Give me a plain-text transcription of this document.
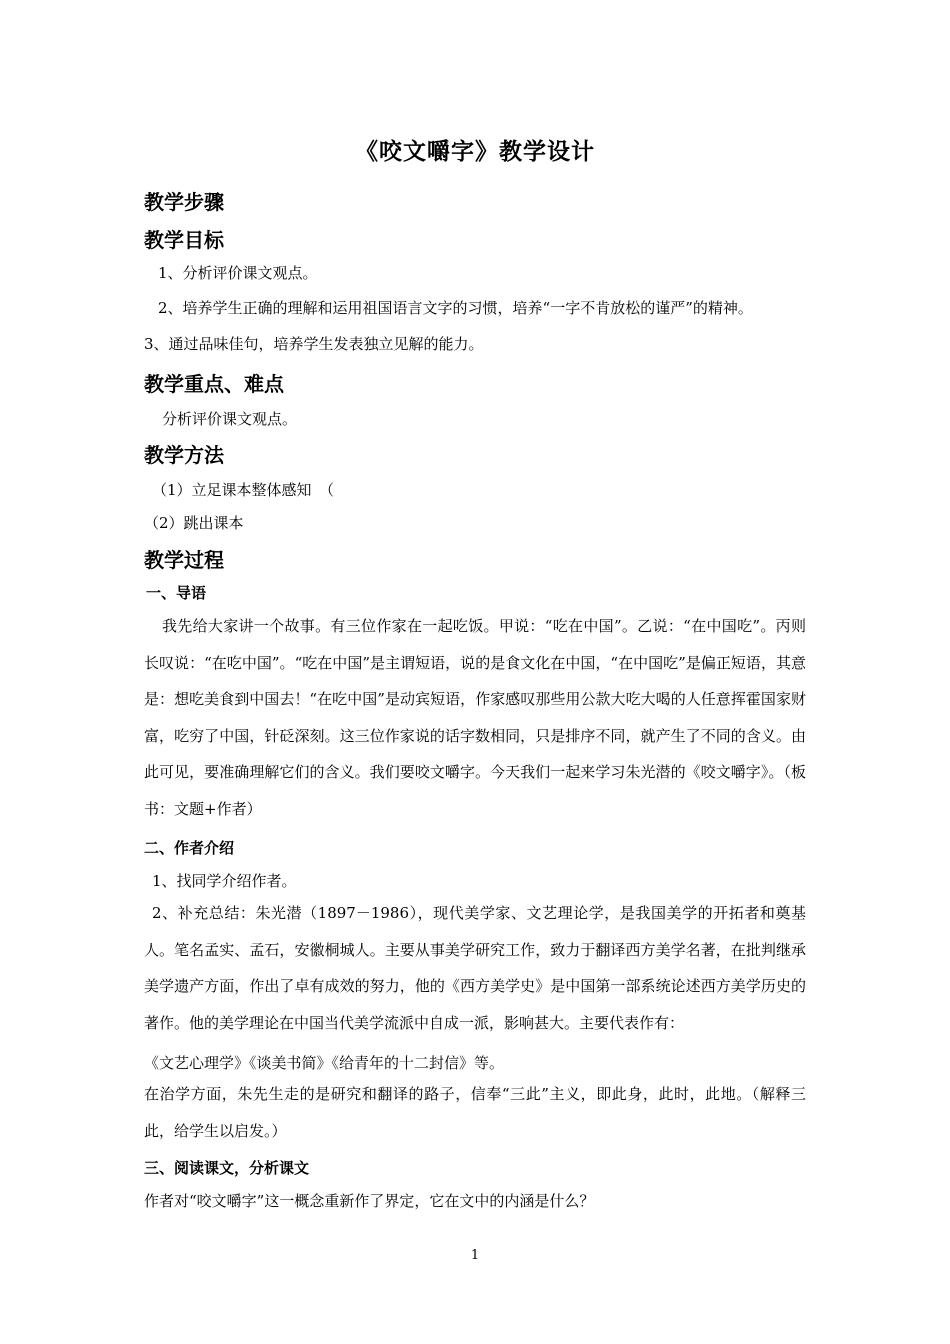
《咬文嚼字》教学设计
教学步骤
教学目标
1、分析评价课文观点。
2、培养学生正确的理解和运用祖国语言文字的习惯，培养“一字不肯放松的谨严”的精神。
3、通过品味佳句，培养学生发表独立见解的能力。
教学重点、难点
分析评价课文观点。
教学方法
（1）立足课本整体感知　（
（2）跳出课本
教学过程
一、导语
我先给大家讲一个故事。有三位作家在一起吃饭。甲说：“吃在中国”。乙说：“在中国吃”。丙则长叹说：“在吃中国”。“吃在中国”是主谓短语，说的是食文化在中国，“在中国吃”是偏正短语，其意是：想吃美食到中国去！“在吃中国”是动宾短语，作家感叹那些用公款大吃大喝的人任意挥霍国家财富，吃穷了中国，针砭深刻。这三位作家说的话字数相同，只是排序不同，就产生了不同的含义。由此可见，要准确理解它们的含义。我们要咬文嚼字。今天我们一起来学习朱光潜的《咬文嚼字》。（板书：文题+作者）
二、作者介绍
1、找同学介绍作者。
2、补充总结：朱光潜（1897－1986），现代美学家、文艺理论学，是我国美学的开拓者和奠基人。笔名孟实、孟石，安徽桐城人。主要从事美学研究工作，致力于翻译西方美学名著，在批判继承美学遗产方面，作出了卓有成效的努力，他的《西方美学史》是中国第一部系统论述西方美学历史的著作。他的美学理论在中国当代美学流派中自成一派，影响甚大。主要代表作有：
《文艺心理学》《谈美书简》《给青年的十二封信》等。
在治学方面，朱先生走的是研究和翻译的路子，信奉“三此”主义，即此身，此时，此地。（解释三此，给学生以启发。）
三、阅读课文，分析课文
作者对“咬文嚼字”这一概念重新作了界定，它在文中的内涵是什么？
1
